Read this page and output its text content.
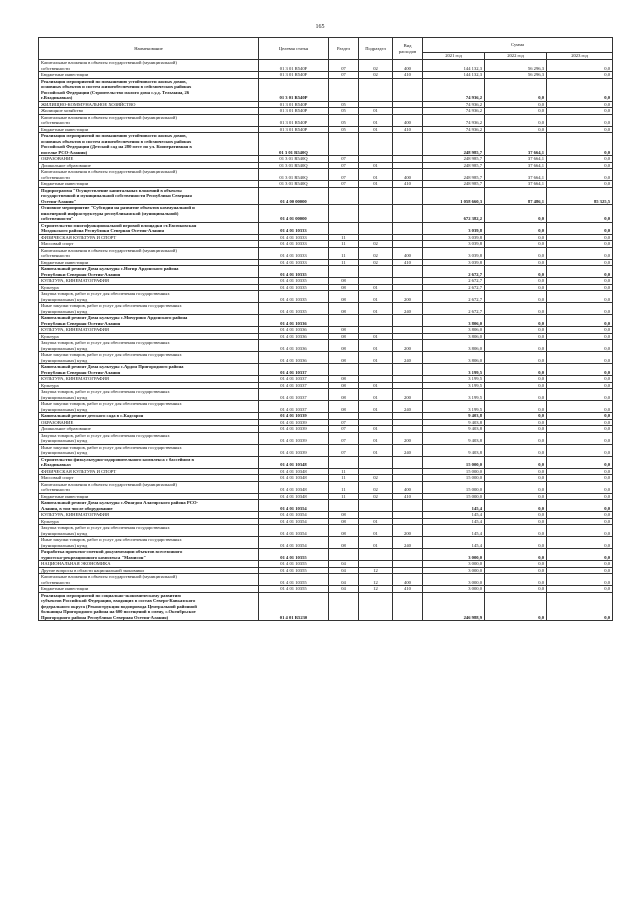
165
Наименование	Целевая статья	Раздел	Подраздел	Вид расходов	Сумма		
					2021 год	2022 год	2023 год
Капитальные вложения в объекты государственной (муниципальной)
собственности	01 3 01 R540F	07	02	400	144 132,3	56 296,3	0,0
Бюджетные инвестиции	01 3 01 R540F	07	02	410	144 132,3	56 296,3	0,0
Реализация мероприятий по повышению устойчивости жилых домов,
основных объектов и систем жизнеобеспечения в сейсмических районах
Российской Федерации (Строительство малого дома с.у.д. Тельмана, 26
г.Владикавказ)	01 3 01 R540P				74 936,2	0,0	0,0
ЖИЛИЩНО-КОММУНАЛЬНОЕ ХОЗЯЙСТВО	01 3 01 R540P	05			74 936,2	0,0	0,0
Жилищное хозяйство	01 3 01 R540P	05	01		74 936,2	0,0	0,0
Капитальные вложения в объекты государственной (муниципальной)
собственности	01 3 01 R540P	05	01	400	74 936,2	0,0	0,0
Бюджетные инвестиции	01 3 01 R540P	05	01	410	74 936,2	0,0	0,0
Реализация мероприятий по повышению устойчивости жилых домов,
основных объектов и систем жизнеобеспечения в сейсмических районах
Российской Федерации (Детский сад на 280 мест по ул. Кооперативная в
поселке РСО-Алания)	01 3 01 R540Q				248 985,7	37 664,1	0,0
ОБРАЗОВАНИЕ	01 3 01 R540Q	07			248 985,7	37 664,1	0,0
Дошкольное образование	01 3 01 R540Q	07	01		248 985,7	37 664,1	0,0
Капитальные вложения в объекты государственной (муниципальной)
собственности	01 3 01 R540Q	07	01	400	248 985,7	37 664,1	0,0
Бюджетные инвестиции	01 3 01 R540Q	07	01	410	248 985,7	37 664,1	0,0
Подпрограмма "Осуществление капитальных вложений в объекты
государственной и муниципальной собственности Республики Северная
Осетия-Алания"	01 4 00 00000				1 058 660,3	87 486,1	85 325,5
Основное мероприятие "Субсидии на развитие объектов коммунальной и
инженерной инфраструктуры республиканской (муниципальной)
собственности"	01 4 01 00000				672 382,2	0,0	0,0
Строительство многофункциональной игровой площадки ст.Евсюковская
Моздокского района Республики Северная Осетия-Алания	01 4 01 10333				3 039,8	0,0	0,0
ФИЗИЧЕСКАЯ КУЛЬТУРА И СПОРТ	01 4 01 10333	11			3 039,8	0,0	0,0
Массовый спорт	01 4 01 10333	11	02		3 039,8	0,0	0,0
Капитальные вложения в объекты государственной (муниципальной)
собственности	01 4 01 10333	11	02	400	3 039,8	0,0	0,0
Бюджетные инвестиции	01 4 01 10333	11	02	410	3 039,8	0,0	0,0
Капитальный ремонт Дома культуры с.Ногир Ардонского района
Республики Северная Осетия-Алания	01 4 01 10335				2 672,7	0,0	0,0
КУЛЬТУРА, КИНЕМАТОГРАФИЯ	01 4 01 10335	08			2 672,7	0,0	0,0
Культура	01 4 01 10335	08	01		2 672,7	0,0	0,0
Закупка товаров, работ и услуг для обеспечения государственных
(муниципальных) нужд	01 4 01 10335	08	01	200	2 672,7	0,0	0,0
Иные закупки товаров, работ и услуг для обеспечения государственных
(муниципальных) нужд	01 4 01 10335	08	01	240	2 672,7	0,0	0,0
Капитальный ремонт Дома культуры с.Мичурино Ардонского района
Республики Северная Осетия-Алания	01 4 01 10336				3 806,0	0,0	0,0
КУЛЬТУРА, КИНЕМАТОГРАФИЯ	01 4 01 10336	08			3 806,0	0,0	0,0
Культура	01 4 01 10336	08	01		3 806,0	0,0	0,0
Закупка товаров, работ и услуг для обеспечения государственных
(муниципальных) нужд	01 4 01 10336	08	01	200	3 806,0	0,0	0,0
Иные закупки товаров, работ и услуг для обеспечения государственных
(муниципальных) нужд	01 4 01 10336	08	01	240	3 806,0	0,0	0,0
Капитальный ремонт Дома культуры с.Ардон Пригородного района
Республики Северная Осетия-Алания	01 4 01 10337				3 199,5	0,0	0,0
КУЛЬТУРА, КИНЕМАТОГРАФИЯ	01 4 01 10337	08			3 199,5	0,0	0,0
Культура	01 4 01 10337	08	01		3 199,5	0,0	0,0
Закупка товаров, работ и услуг для обеспечения государственных
(муниципальных) нужд	01 4 01 10337	08	01	200	3 199,5	0,0	0,0
Иные закупки товаров, работ и услуг для обеспечения государственных
(муниципальных) нужд	01 4 01 10337	08	01	240	3 199,5	0,0	0,0
Капитальный ремонт детского сада в с.Кадгарон	01 4 01 10339				9 403,8	0,0	0,0
ОБРАЗОВАНИЕ	01 4 01 10339	07			9 403,8	0,0	0,0
Дошкольное образование	01 4 01 10339	07	01		9 403,8	0,0	0,0
Закупка товаров, работ и услуг для обеспечения государственных
(муниципальных) нужд	01 4 01 10339	07	01	200	9 403,8	0,0	0,0
Иные закупки товаров, работ и услуг для обеспечения государственных
(муниципальных) нужд	01 4 01 10339	07	01	240	9 403,8	0,0	0,0
Строительство физкультурно-оздоровительного комплекса с бассейном в
г.Владикавказ	01 4 01 10348				15 000,0	0,0	0,0
ФИЗИЧЕСКАЯ КУЛЬТУРА И СПОРТ	01 4 01 10348	11			15 000,0	0,0	0,0
Массовый спорт	01 4 01 10348	11	02		15 000,0	0,0	0,0
Капитальные вложения в объекты государственной (муниципальной)
собственности	01 4 01 10348	11	02	400	15 000,0	0,0	0,0
Бюджетные инвестиции	01 4 01 10348	11	02	410	15 000,0	0,0	0,0
Капитальный ремонт Дома культуры с.Фиагдон Алагирского района РСО-
Алания, в том числе оборудование	01 4 01 10354				145,4	0,0	0,0
КУЛЬТУРА, КИНЕМАТОГРАФИЯ	01 4 01 10354	08			145,4	0,0	0,0
Культура	01 4 01 10354	08	01		145,4	0,0	0,0
Закупка товаров, работ и услуг для обеспечения государственных
(муниципальных) нужд	01 4 01 10354	08	01	200	145,4	0,0	0,0
Иные закупки товаров, работ и услуг для обеспечения государственных
(муниципальных) нужд	01 4 01 10354	08	01	240	145,4	0,0	0,0
Разработка проектно-сметной документации объектов всесезонного
туристско-рекреационного комплекса "Мамисон"	01 4 01 10355				3 000,0	0,0	0,0
НАЦИОНАЛЬНАЯ ЭКОНОМИКА	01 4 01 10355	04			3 000,0	0,0	0,0
Другие вопросы в области национальной экономики	01 4 01 10355	04	12		3 000,0	0,0	0,0
Капитальные вложения в объекты государственной (муниципальной)
собственности	01 4 01 10355	04	12	400	3 000,0	0,0	0,0
Бюджетные инвестиции	01 4 01 10355	04	12	410	3 000,0	0,0	0,0
Реализация мероприятий по социально-экономическому развитию
субъектов Российской Федерации, входящих в состав Северо-Кавказского
федерального округа (Реконструкция водопровода Центральной районной
больницы Пригородного района на 600 посещений в смену, с.Октябрьское
Пригородного района Республики Северная Осетия-Алания)	01 4 01 R5230				246 988,9	0,0	0,0
